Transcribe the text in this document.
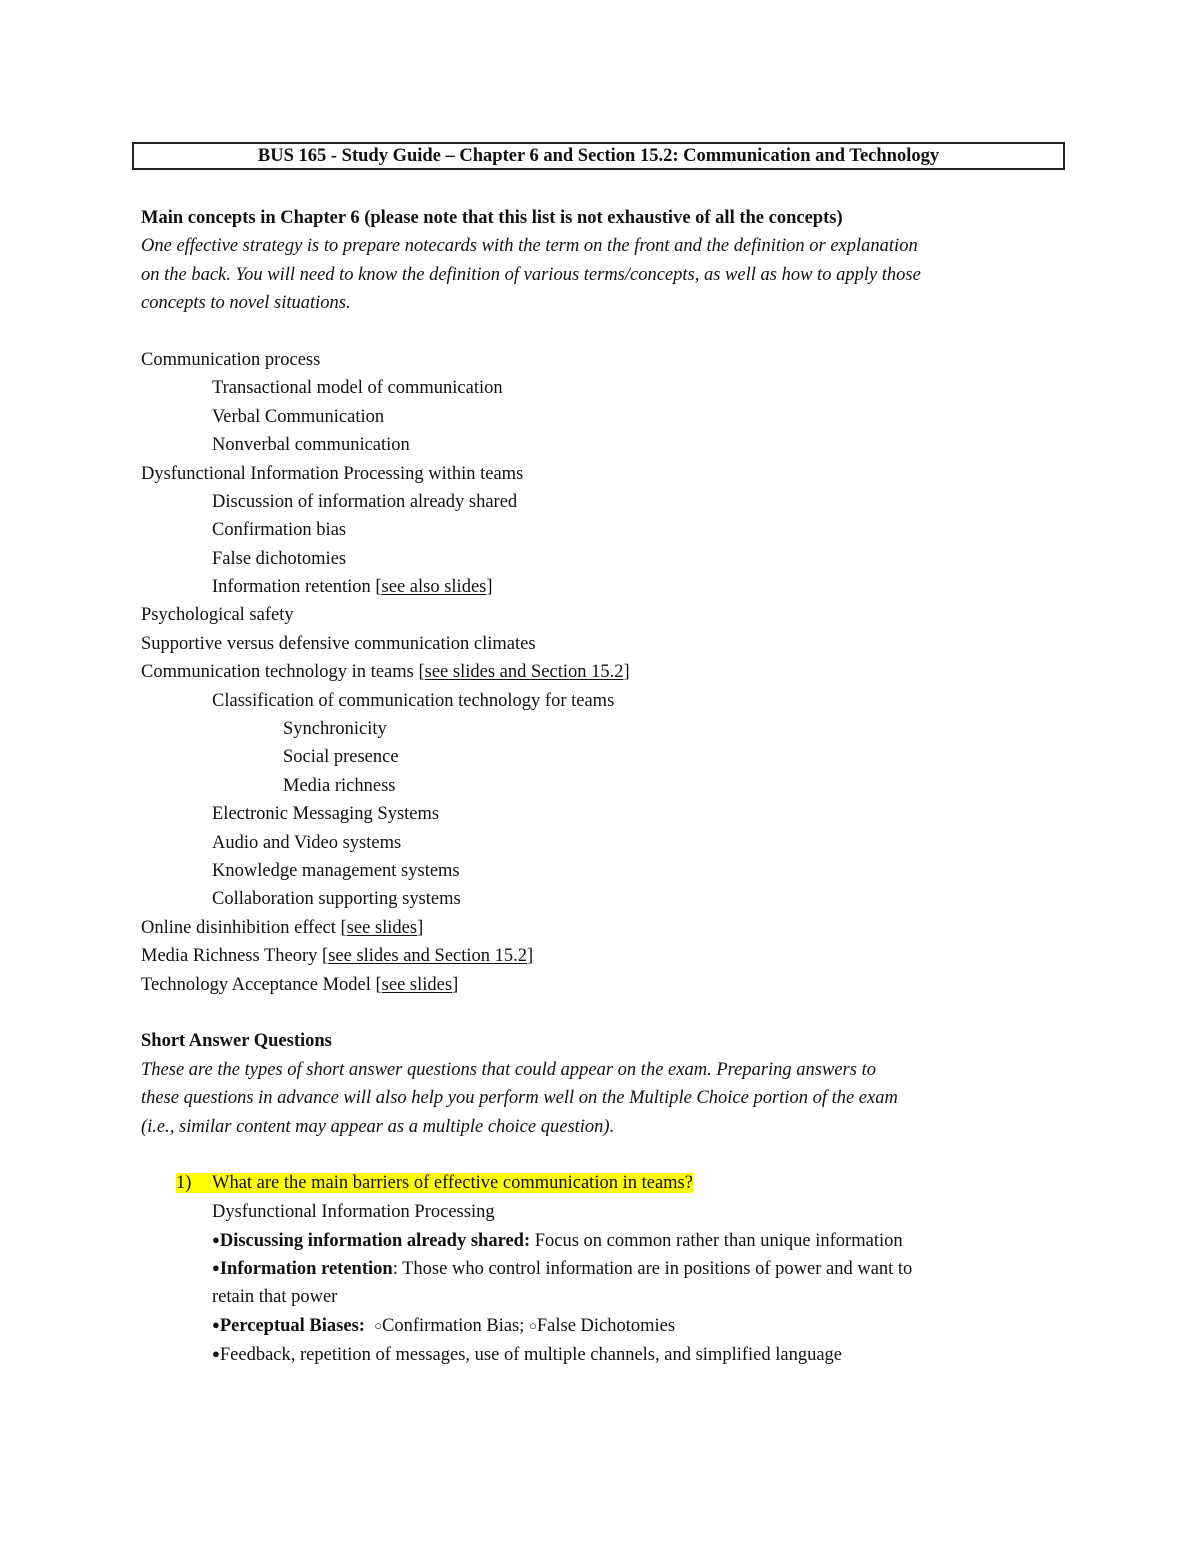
BUS 165 - Study Guide – Chapter 6 and Section 15.2: Communication and Technology
Main concepts in Chapter 6 (please note that this list is not exhaustive of all the concepts)
One effective strategy is to prepare notecards with the term on the front and the definition or explanation
on the back. You will need to know the definition of various terms/concepts, as well as how to apply those
concepts to novel situations.
Communication process
Transactional model of communication
Verbal Communication
Nonverbal communication
Dysfunctional Information Processing within teams
Discussion of information already shared
Confirmation bias
False dichotomies
Information retention [see also slides]
Psychological safety
Supportive versus defensive communication climates
Communication technology in teams [see slides and Section 15.2]
Classification of communication technology for teams
Synchronicity
Social presence
Media richness
Electronic Messaging Systems
Audio and Video systems
Knowledge management systems
Collaboration supporting systems
Online disinhibition effect [see slides]
Media Richness Theory [see slides and Section 15.2]
Technology Acceptance Model [see slides]
Short Answer Questions
These are the types of short answer questions that could appear on the exam. Preparing answers to
these questions in advance will also help you perform well on the Multiple Choice portion of the exam
(i.e., similar content may appear as a multiple choice question).
1) What are the main barriers of effective communication in teams?
Dysfunctional Information Processing
●Discussing information already shared: Focus on common rather than unique information
●Information retention: Those who control information are in positions of power and want to
retain that power
●Perceptual Biases: ○Confirmation Bias; ○False Dichotomies
●Feedback, repetition of messages, use of multiple channels, and simplified language
